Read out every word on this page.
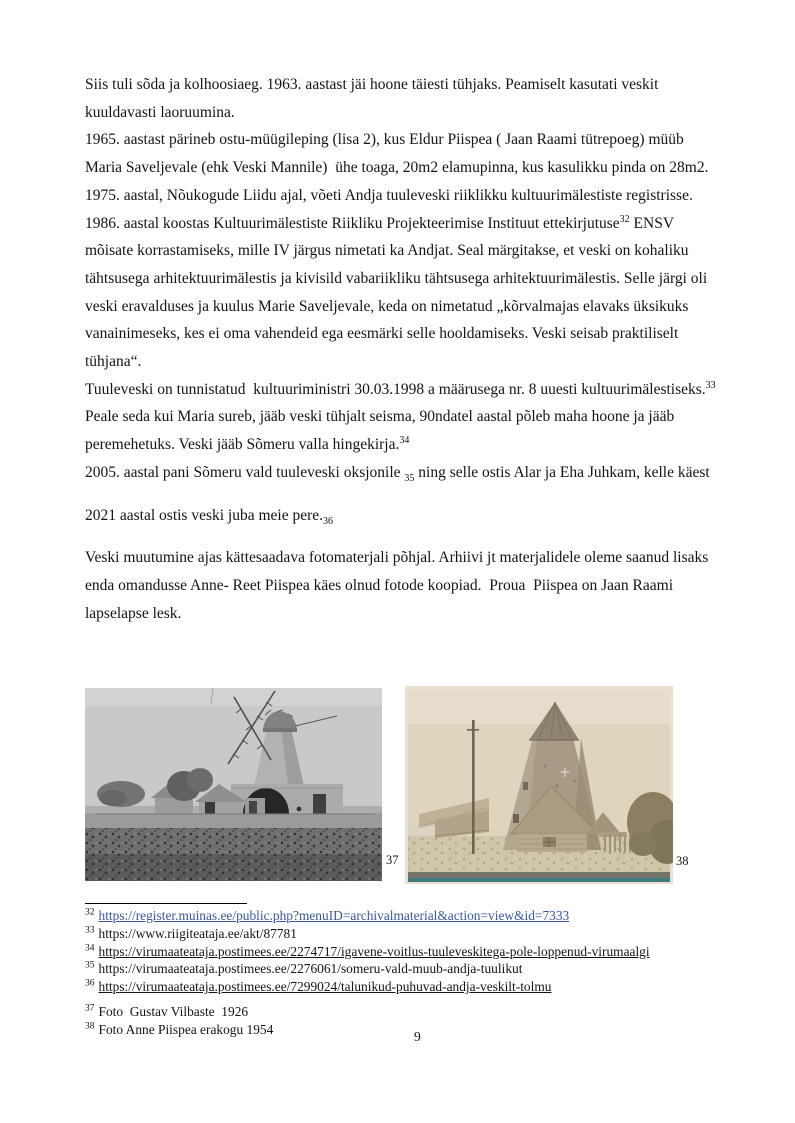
Siis tuli sõda ja kolhoosiaeg. 1963. aastast jäi hoone täiesti tühjaks. Peamiselt kasutati veskit kuuldavasti laoruumina.

1965. aastast pärineb ostu-müügileping (lisa 2), kus Eldur Piispea ( Jaan Raami tütrepoeg) müüb Maria Saveljevale (ehk Veski Mannile)  ühe toaga, 20m2 elamupinna, kus kasulikku pinda on 28m2.

1975. aastal, Nõukogude Liidu ajal, võeti Andja tuuleveski riiklikku kultuurimälestiste registrisse.

1986. aastal koostas Kultuurimälestiste Riikliku Projekteerimise Instituut ettekirjutuse$^{32}$ ENSV mõisate korrastamiseks, mille IV järgus nimetati ka Andjat. Seal märgitakse, et veski on kohaliku tähtsusega arhitektuurimälestis ja kivisild vabariikliku tähtsusega arhitektuurimälestis. Selle järgi oli veski eravalduses ja kuulus Marie Saveljevale, keda on nimetatud „kõrvalmajas elavaks üksikuks vanainimeseks, kes ei oma vahendeid ega eesmärki selle hooldamiseks. Veski seisab praktiliselt tühjana“.

Tuuleveski on tunnistatud  kultuuriministri 30.03.1998 a määrusega nr. 8 uuesti kultuurimälestiseks.$^{33}$

Peale seda kui Maria sureb, jääb veski tühjalt seisma, 90ndatel aastal põleb maha hoone ja jääb peremehetuks. Veski jääb Sõmeru valla hingekirja.$^{34}$

2005. aastal pani Sõmeru vald tuuleveski oksjonile $_{35}$ ning selle ostis Alar ja Eha Juhkam, kelle käest

2021 aastal ostis veski juba meie $pere._{36}$

Veski muutumine ajas kättesaadava fotomaterjali põhjal. Arhiivi jt materjalidele oleme saanud lisaks enda omandusse Anne- Reet Piispea käes olnud fotode koopiad.  Proua  Piispea on Jaan Raami lapselapse lesk.

37	38
$^{32}$ https://register.muinas.ee/public.php?menuID=archivalmaterial&action=view&id=7333
$^{33}$ https://www.riigiteataja.ee/akt/87781
$^{34}$ https://virumaateataja.postimees.ee/2274717/igavene-voitlus-tuuleveskitega-pole-loppenud-virumaalgi
$^{35}$ https://virumaateataja.postimees.ee/2276061/someru-vald-muub-andja-tuulikut
$^{36}$ https://virumaateataja.postimees.ee/7299024/talunikud-puhuvad-andja-veskilt-tolmu
$^{37}$ Foto  Gustav Vilbaste  1926
$^{38}$ Foto Anne Piispea erakogu 1954	9
